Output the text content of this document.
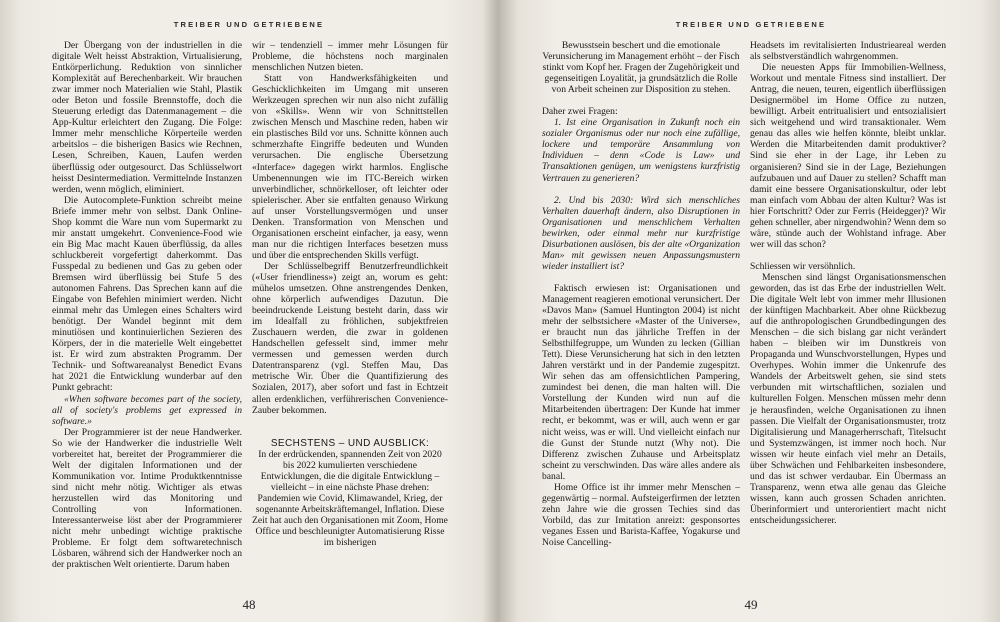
TREIBER UND GETRIEBENE

Der Übergang von der industriellen in die digitale Welt heisst Abstraktion, Virtualisierung, Entkörperlichung. Reduktion von sinnlicher Komplexität auf Berechenbarkeit. Wir brauchen zwar immer noch Materialien wie Stahl, Plastik oder Beton und fossile Brennstoffe, doch die Steuerung erledigt das Datenmanagement – die App-Kultur erleichtert den Zugang. Die Folge: Immer mehr menschliche Körperteile werden arbeitslos – die bisherigen Basics wie Rechnen, Lesen, Schreiben, Kauen, Laufen werden überflüssig oder outgesourct. Das Schlüsselwort heisst Desintermediation. Vermittelnde Instanzen werden, wenn möglich, eliminiert.

Die Autocomplete-Funktion schreibt meine Briefe immer mehr von selbst. Dank Online-Shop kommt die Ware nun vom Supermarkt zu mir anstatt umgekehrt. Convenience-Food wie ein Big Mac macht Kauen überflüssig, da alles schluckbereit vorgefertigt daherkommt. Das Fusspedal zu bedienen und Gas zu geben oder Bremsen wird überflüssig bei Stufe 5 des autonomen Fahrens. Das Sprechen kann auf die Eingabe von Befehlen minimiert werden. Nicht einmal mehr das Umlegen eines Schalters wird benötigt. Der Wandel beginnt mit dem minutiösen und kontinuierlichen Sezieren des Körpers, der in die materielle Welt eingebettet ist. Er wird zum abstrakten Programm. Der Technik- und Softwareanalyst Benedict Evans hat 2021 die Entwicklung wunderbar auf den Punkt gebracht:

«When software becomes part of the society, all of society's problems get expressed in software.»

Der Programmierer ist der neue Handwerker. So wie der Handwerker die industrielle Welt vorbereitet hat, bereitet der Programmierer die Welt der digitalen Informationen und der Kommunikation vor. Intime Produktkenntnisse sind nicht mehr nötig. Wichtiger als etwas herzustellen wird das Monitoring und Controlling von Informationen. Interessanterweise löst aber der Programmierer nicht mehr unbedingt wichtige praktische Probleme. Er folgt dem softwaretechnisch Lösbaren, während sich der Handwerker noch an der praktischen Welt orientierte. Darum haben

wir – tendenziell – immer mehr Lösungen für Probleme, die höchstens noch marginalen menschlichen Nutzen bieten.

Statt von Handwerksfähigkeiten und Geschicklichkeiten im Umgang mit unseren Werkzeugen sprechen wir nun also nicht zufällig von «Skills». Wenn wir von Schnittstellen zwischen Mensch und Maschine reden, haben wir ein plastisches Bild vor uns. Schnitte können auch schmerzhafte Eingriffe bedeuten und Wunden verursachen. Die englische Übersetzung «Interface» dagegen wirkt harmlos. Englische Umbenennungen wie im ITC-Bereich wirken unverbindlicher, schnörkelloser, oft leichter oder spielerischer. Aber sie entfalten genauso Wirkung auf unser Vorstellungsvermögen und unser Denken. Transformation von Menschen und Organisationen erscheint einfacher, ja easy, wenn man nur die richtigen Interfaces besetzen muss und über die entsprechenden Skills verfügt.

Der Schlüsselbegriff Benutzerfreundlichkeit («User friendliness») zeigt an, worum es geht: mühelos umsetzen. Ohne anstrengendes Denken, ohne körperlich aufwendiges Dazutun. Die beeindruckende Leistung besteht darin, dass wir im Idealfall zu fröhlichen, subjektfreien Zuschauern werden, die zwar in goldenen Handschellen gefesselt sind, immer mehr vermessen und gemessen werden durch Datentransparenz (vgl. Steffen Mau, Das metrische Wir. Über die Quantifizierung des Sozialen, 2017), aber sofort und fast in Echtzeit allen erdenklichen, verführerischen Convenience-Zauber bekommen.

SECHSTENS – UND AUSBLICK:

In der erdrückenden, spannenden Zeit von 2020 bis 2022 kumulierten verschiedene Entwicklungen, die die digitale Entwicklung – vielleicht – in eine nächste Phase drehen: Pandemien wie Covid, Klimawandel, Krieg, der sogenannte Arbeitskräftemangel, Inflation. Diese Zeit hat auch den Organisationen mit Zoom, Home Office und beschleunigter Automatisierung Risse im bisherigen

48
TREIBER UND GETRIEBENE

Bewusstsein beschert und die emotionale Verunsicherung im Management erhöht – der Fisch stinkt vom Kopf her. Fragen der Zugehörigkeit und gegenseitigen Loyalität, ja grundsätzlich die Rolle von Arbeit scheinen zur Disposition zu stehen.

Daher zwei Fragen:

1. Ist eine Organisation in Zukunft noch ein sozialer Organismus oder nur noch eine zufällige, lockere und temporäre Ansammlung von Individuen – denn «Code is Law» und Transaktionen genügen, um wenigstens kurzfristig Vertrauen zu generieren?

2. Und bis 2030: Wird sich menschliches Verhalten dauerhaft ändern, also Disruptionen in Organisationen und menschlichem Verhalten bewirken, oder einmal mehr nur kurzfristige Disurbationen auslösen, bis der alte «Organization Man» mit gewissen neuen Anpassungsmustern wieder installiert ist?

Faktisch erwiesen ist: Organisationen und Management reagieren emotional verunsichert. Der «Davos Man» (Samuel Huntington 2004) ist nicht mehr der selbstsichere «Master of the Universe», er braucht nun das jährliche Treffen in der Selbsthilfegruppe, um Wunden zu lecken (Gillian Tett). Diese Verunsicherung hat sich in den letzten Jahren verstärkt und in der Pandemie zugespitzt. Wir sehen das am offensichtlichen Pampering, zumindest bei denen, die man halten will. Die Vorstellung der Kunden wird nun auf die Mitarbeitenden übertragen: Der Kunde hat immer recht, er bekommt, was er will, auch wenn er gar nicht weiss, was er will. Und vielleicht einfach nur die Gunst der Stunde nutzt (Why not). Die Differenz zwischen Zuhause und Arbeitsplatz scheint zu verschwinden. Das wäre alles andere als banal.

Home Office ist ihr immer mehr Menschen – gegenwärtig – normal. Aufsteigerfirmen der letzten zehn Jahre wie die grossen Techies sind das Vorbild, das zur Imitation anreizt: gesponsortes veganes Essen und Barista-Kaffee, Yogakurse und Noise Cancelling-

Headsets im revitalisierten Industrieareal werden als selbstverständlich wahrgenommen.

Die neuesten Apps für Immobilien-Wellness, Workout und mentale Fitness sind installiert. Der Antrag, die neuen, teuren, eigentlich überflüssigen Designermöbel im Home Office zu nutzen, bewilligt. Arbeit entritualisiert und entsozialisiert sich weitgehend und wird transaktionaler. Wem genau das alles wie helfen könnte, bleibt unklar. Werden die Mitarbeitenden damit produktiver? Sind sie eher in der Lage, ihr Leben zu organisieren? Sind sie in der Lage, Beziehungen aufzubauen und auf Dauer zu stellen? Schafft man damit eine bessere Organisationskultur, oder lebt man einfach vom Abbau der alten Kultur? Was ist hier Fortschritt? Oder zur Ferris (Heidegger)? Wir gehen schneller, aber nirgendwohin? Wenn dem so wäre, stünde auch der Wohlstand infrage. Aber wer will das schon?

Schliessen wir versöhnlich.

Menschen sind längst Organisationsmenschen geworden, das ist das Erbe der industriellen Welt. Die digitale Welt lebt von immer mehr Illusionen der künftigen Machbarkeit. Aber ohne Rückbezug auf die anthropologischen Grundbedingungen des Menschen – die sich bislang gar nicht verändert haben – bleiben wir im Dunstkreis von Propaganda und Wunschvorstellungen, Hypes und Overhypes. Wohin immer die Unkenrufe des Wandels der Arbeitswelt gehen, sie sind stets verbunden mit wirtschaftlichen, sozialen und kulturellen Folgen. Menschen müssen mehr denn je herausfinden, welche Organisationen zu ihnen passen. Die Vielfalt der Organisationsmuster, trotz Digitalisierung und Managerherrschaft, Titelsucht und Systemzwängen, ist immer noch hoch. Nur wissen wir heute einfach viel mehr an Details, über Schwächen und Fehlbarkeiten insbesondere, und das ist schwer verdaubar. Ein Übermass an Transparenz, wenn etwa alle genau das Gleiche wissen, kann auch grossen Schaden anrichten. Überinformiert und unterorientiert macht nicht entscheidungssicherer.

49
